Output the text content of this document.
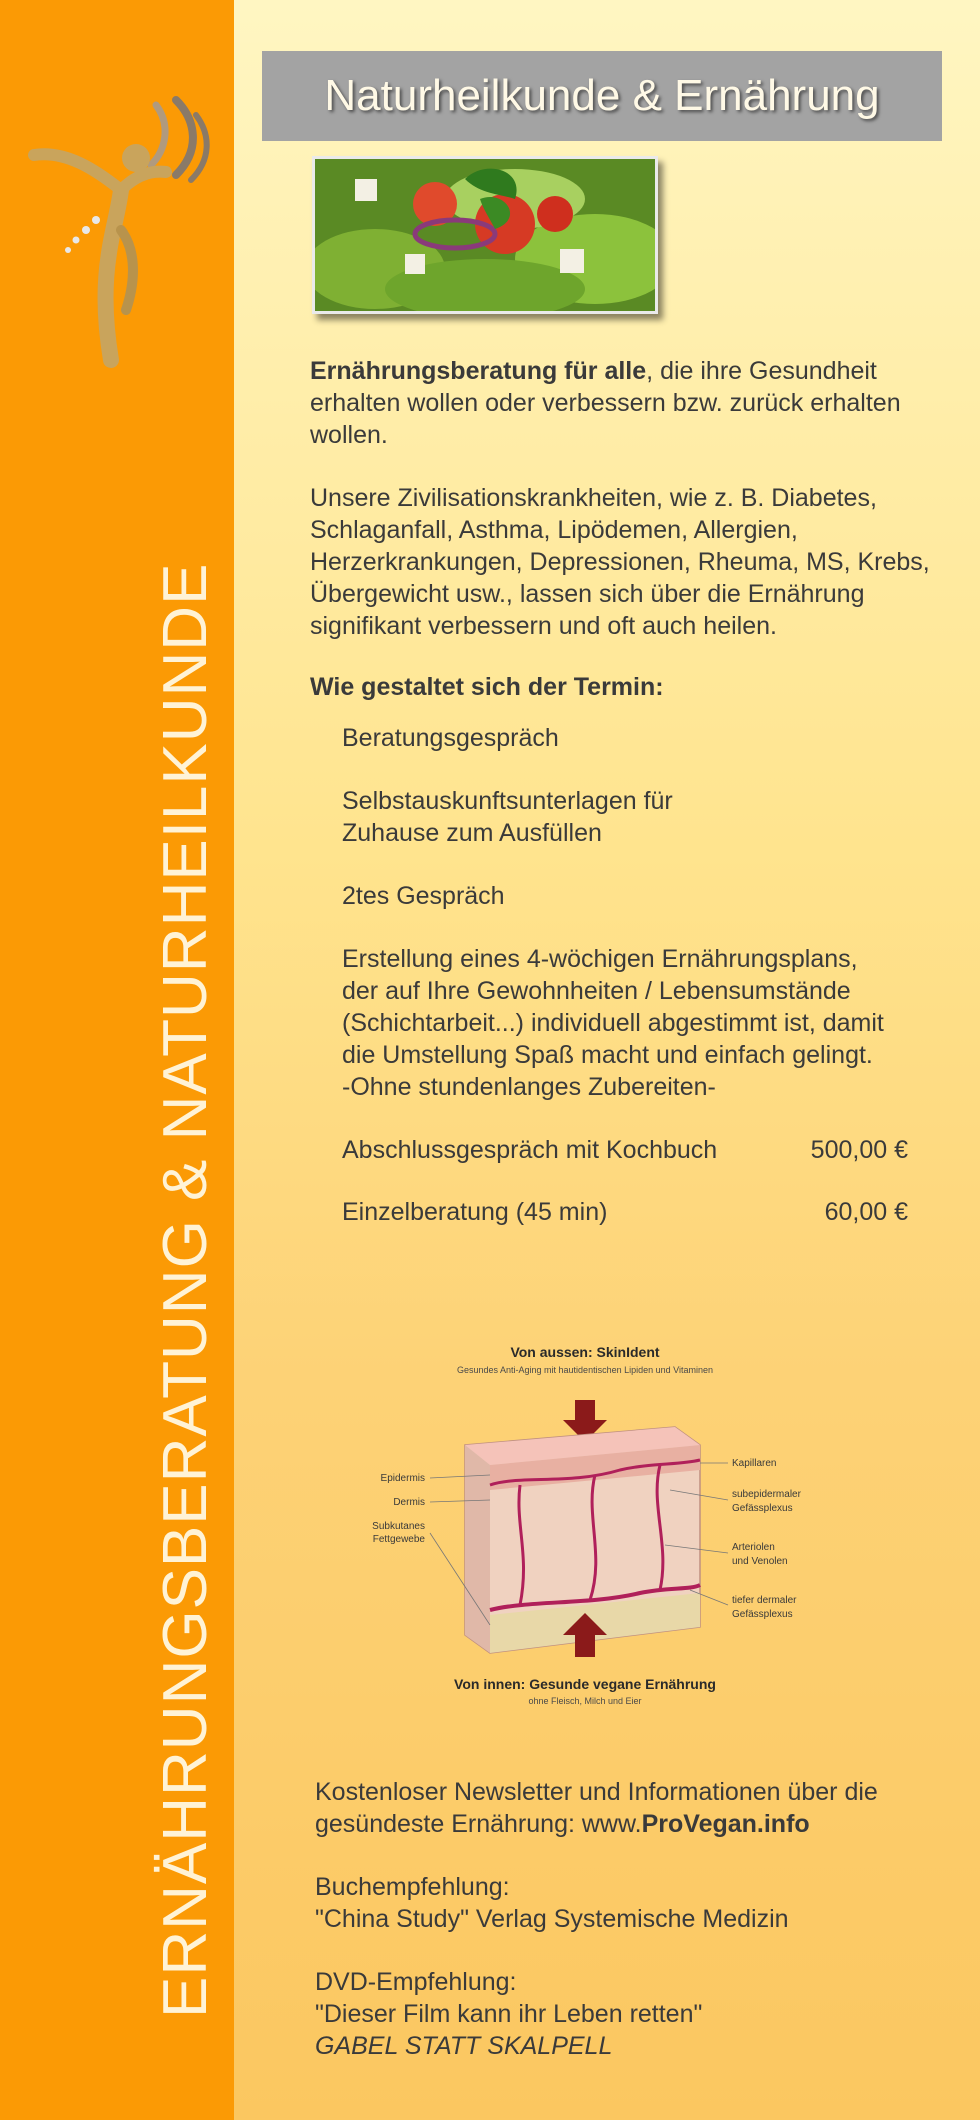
ERNÄHRUNGSBERATUNG & NATURHEILKUNDE
Naturheilkunde & Ernährung

Ernährungsberatung für alle, die ihre Gesundheit erhalten wollen oder verbessern bzw. zurück erhalten wollen.

Unsere Zivilisationskrankheiten, wie z. B. Diabetes, Schlaganfall, Asthma, Lipödemen, Allergien, Herzerkrankungen, Depressionen, Rheuma, MS, Krebs, Übergewicht usw., lassen sich über die Ernährung signifikant verbessern und oft auch heilen.

Wie gestaltet sich der Termin:
Beratungsgespräch
Selbstauskunftsunterlagen für
Zuhause zum Ausfüllen
2tes Gespräch
Erstellung eines 4-wöchigen Ernährungsplans,
der auf Ihre Gewohnheiten / Lebensumstände
(Schichtarbeit...) individuell abgestimmt ist, damit
die Umstellung Spaß macht und einfach gelingt.
-Ohne stundenlanges Zubereiten-
Abschlussgespräch mit Kochbuch	500,00 €
Einzelberatung (45 min)	60,00 €
Von aussen: SkinIdent
Gesundes Anti-Aging mit hautidentischen Lipiden und Vitaminen
Epidermis
Dermis
Subkutanes
Fettgewebe
Kapillaren
subepidermaler
Gefässplexus
Arteriolen
und Venolen
tiefer dermaler
Gefässplexus
Von innen: Gesunde vegane Ernährung
ohne Fleisch, Milch und Eier

Kostenloser Newsletter und Informationen über die gesündeste Ernährung: www.ProVegan.info

Buchempfehlung:
"China Study" Verlag Systemische Medizin

DVD-Empfehlung:
"Dieser Film kann ihr Leben retten"
GABEL STATT SKALPELL
